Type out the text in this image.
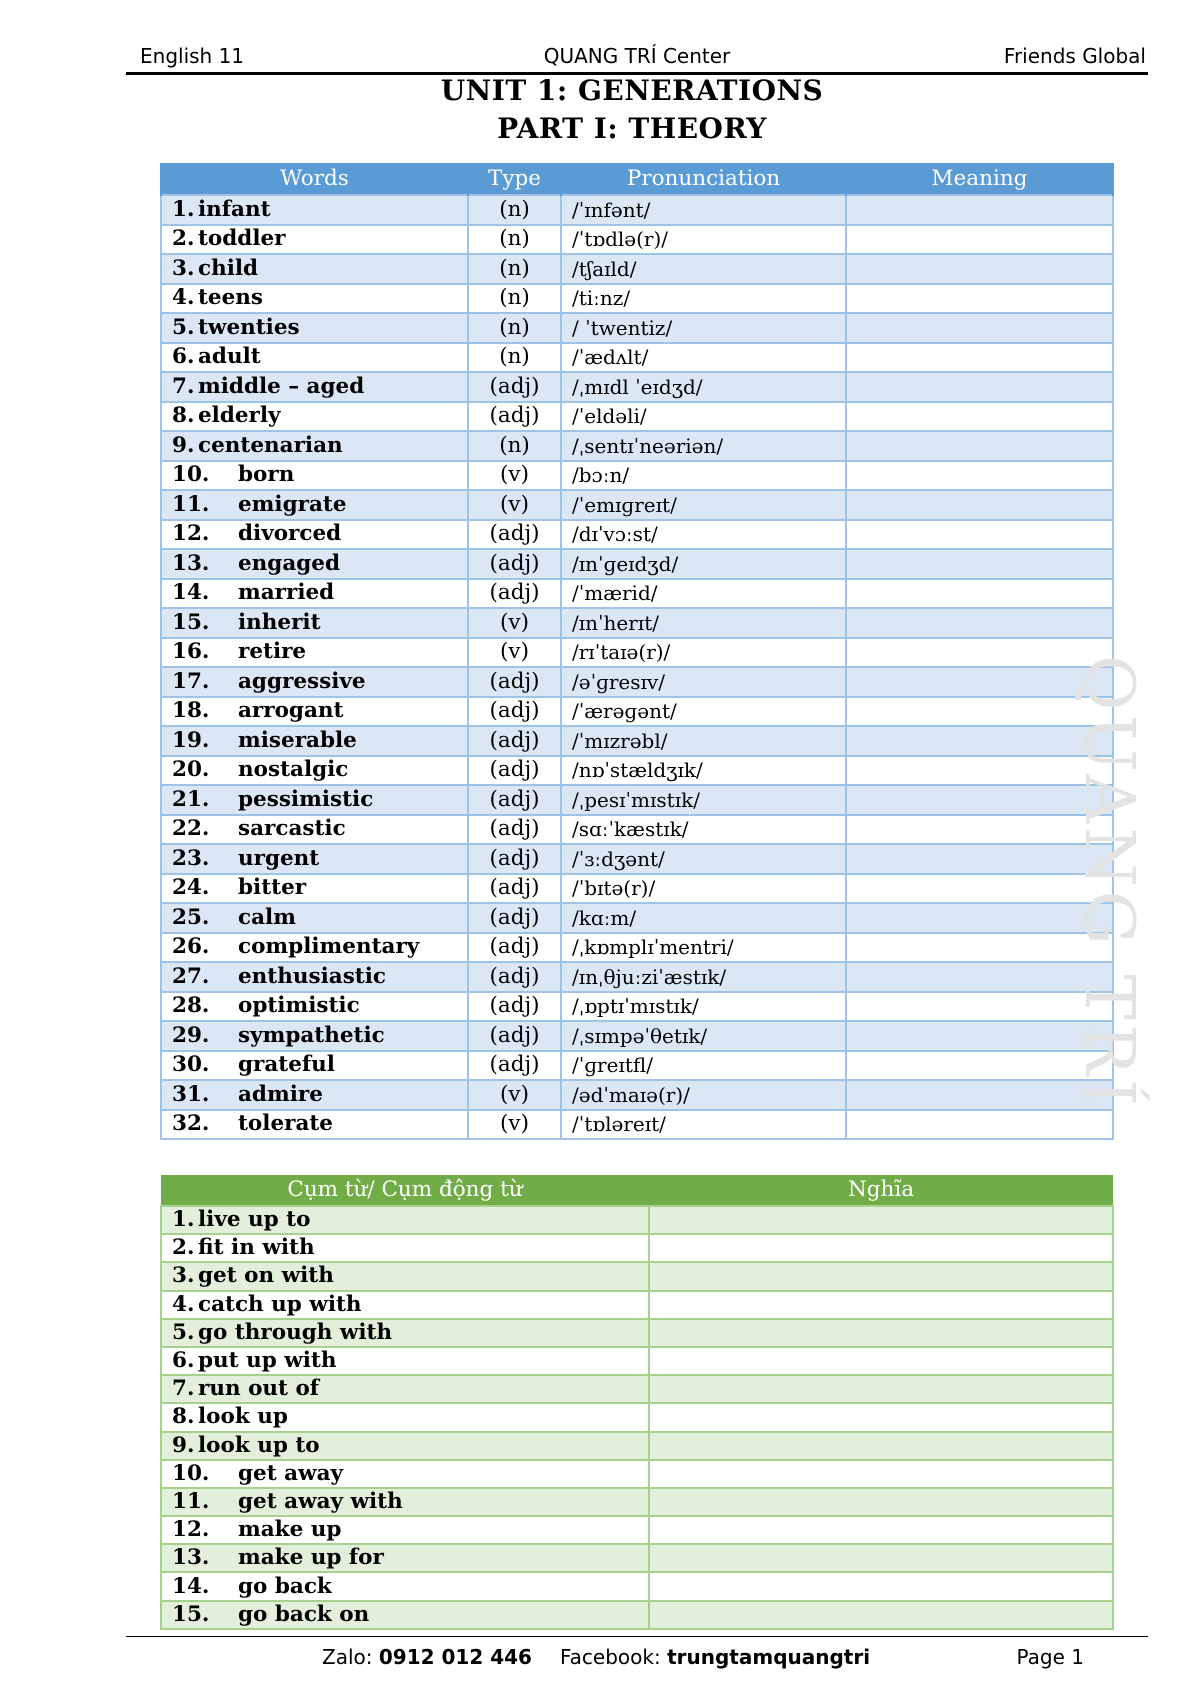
English 11	QUANG TRÍ Center	Friends Global
UNIT 1: GENERATIONS
PART I: THEORY
Words	Type	Pronunciation	Meaning
1. infant	(n)	/ˈɪnfənt/	
2. toddler	(n)	/ˈtɒdlə(r)/	
3. child	(n)	/tʃaɪld/	
4. teens	(n)	/tiːnz/	
5. twenties	(n)	/ ˈtwentiz/	
6. adult	(n)	/ˈædʌlt/	
7. middle – aged	(adj)	/ˌmɪdl ˈeɪdʒd/	
8. elderly	(adj)	/ˈeldəli/	
9. centenarian	(n)	/ˌsentɪˈneəriən/	
10. born	(v)	/bɔːn/	
11. emigrate	(v)	/ˈemɪɡreɪt/	
12. divorced	(adj)	/dɪˈvɔːst/	
13. engaged	(adj)	/ɪnˈɡeɪdʒd/	
14. married	(adj)	/ˈmærid/	
15. inherit	(v)	/ɪnˈherɪt/	
16. retire	(v)	/rɪˈtaɪə(r)/	
17. aggressive	(adj)	/əˈɡresɪv/	
18. arrogant	(adj)	/ˈærəɡənt/	
19. miserable	(adj)	/ˈmɪzrəbl/	
20. nostalgic	(adj)	/nɒˈstældʒɪk/	
21. pessimistic	(adj)	/ˌpesɪˈmɪstɪk/	
22. sarcastic	(adj)	/sɑːˈkæstɪk/	
23. urgent	(adj)	/ˈɜːdʒənt/	
24. bitter	(adj)	/ˈbɪtə(r)/	
25. calm	(adj)	/kɑːm/	
26. complimentary	(adj)	/ˌkɒmplɪˈmentri/	
27. enthusiastic	(adj)	/ɪnˌθjuːziˈæstɪk/	
28. optimistic	(adj)	/ˌɒptɪˈmɪstɪk/	
29. sympathetic	(adj)	/ˌsɪmpəˈθetɪk/	
30. grateful	(adj)	/ˈɡreɪtfl/	
31. admire	(v)	/ədˈmaɪə(r)/	
32. tolerate	(v)	/ˈtɒləreɪt/	
Cụm từ/ Cụm động từ	Nghĩa
1. live up to	
2. fit in with	
3. get on with	
4. catch up with	
5. go through with	
6. put up with	
7. run out of	
8. look up	
9. look up to	
10. get away	
11. get away with	
12. make up	
13. make up for	
14. go back	
15. go back on	
QUANG TRÍ
Zalo: 0912 012 446 Facebook: trungtamquangtri	Page 1
